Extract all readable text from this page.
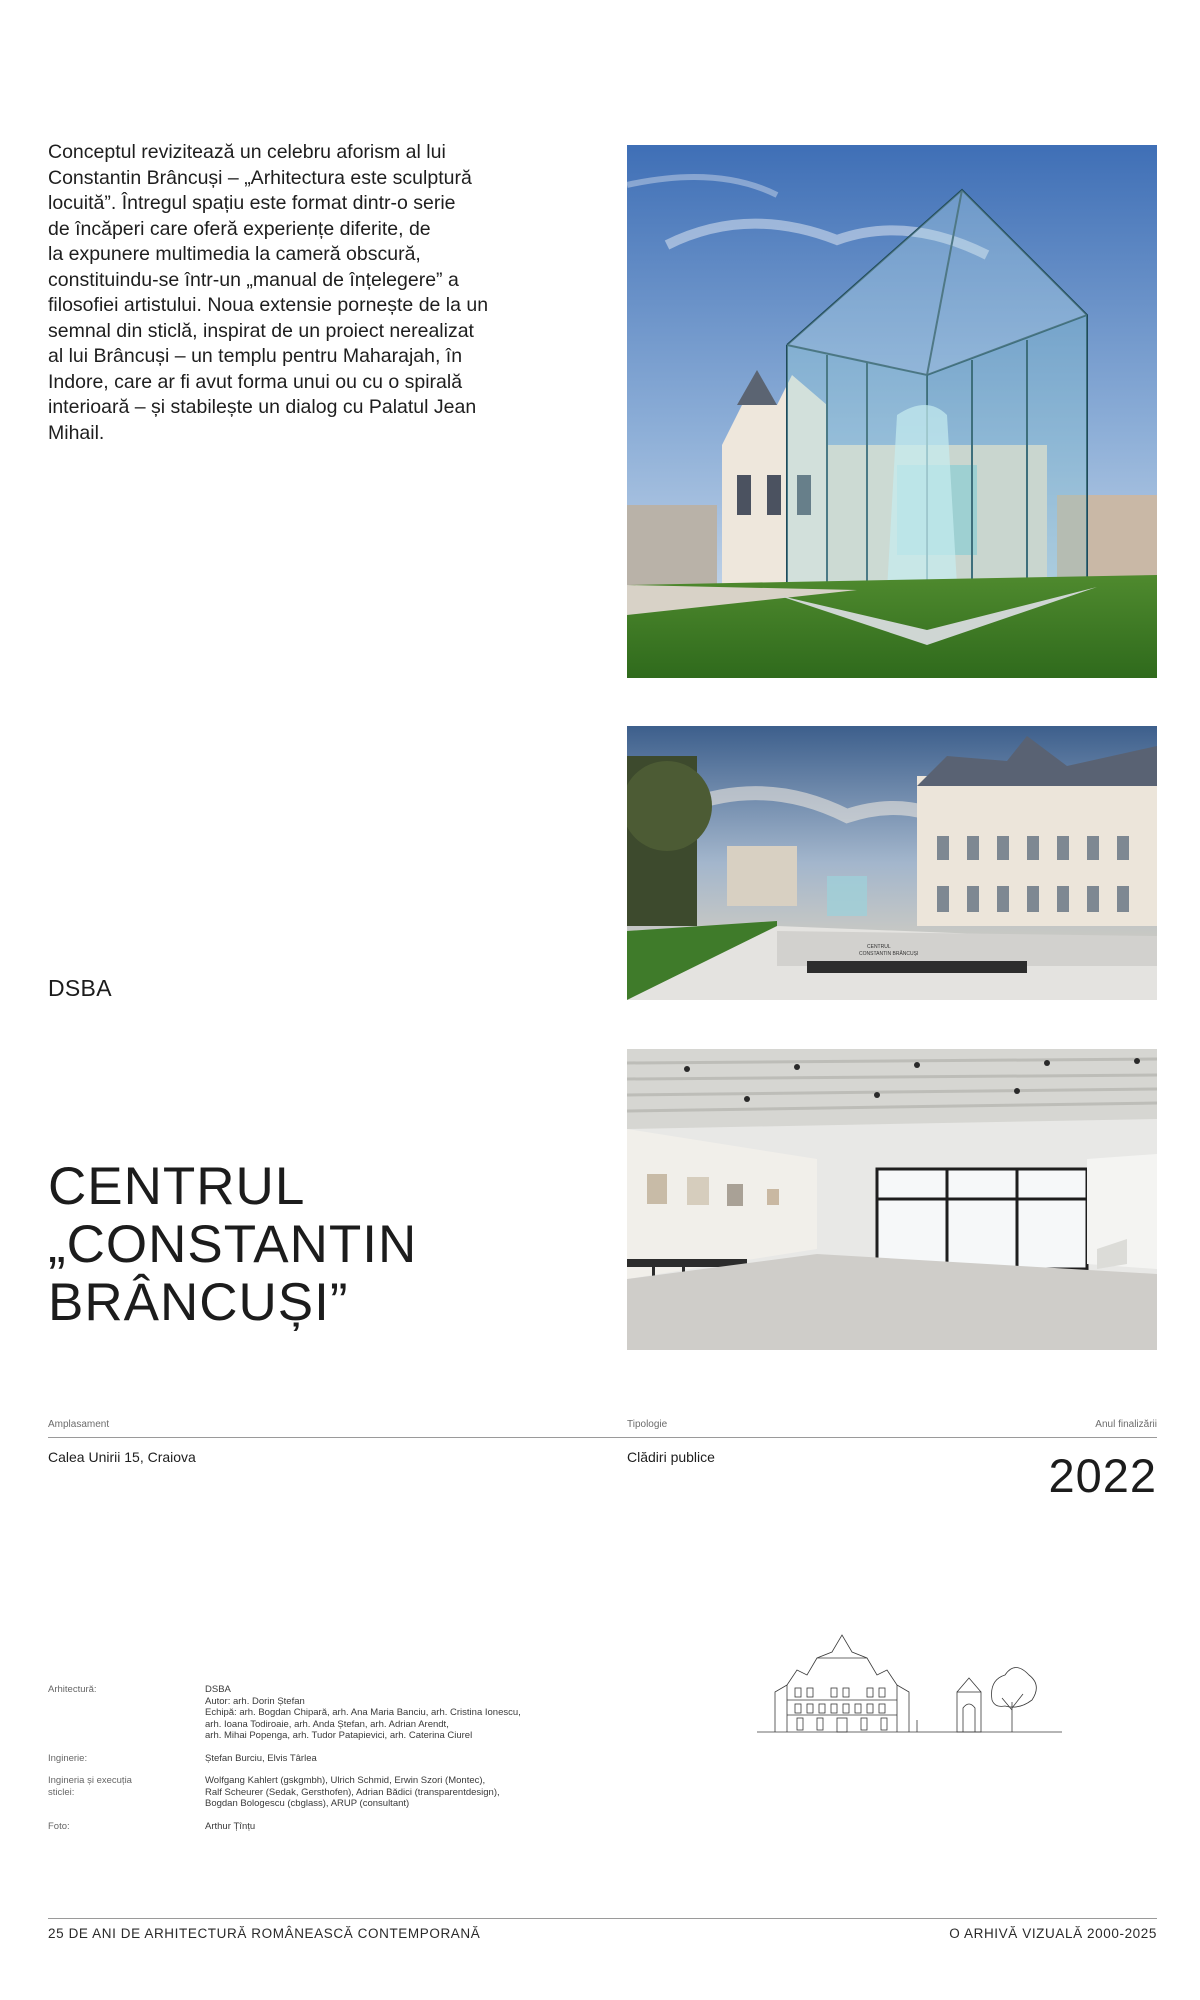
Conceptul revizitează un celebru aforism al lui
Constantin Brâncuși – „Arhitectura este sculptură
locuită”. Întregul spațiu este format dintr-o serie
de încăperi care oferă experiențe diferite, de
la expunere multimedia la cameră obscură,
constituindu-se într-un „manual de înțelegere” a
filosofiei artistului. Noua extensie pornește de la un
semnal din sticlă, inspirat de un proiect nerealizat
al lui Brâncuși – un templu pentru Maharajah, în
Indore, care ar fi avut forma unui ou cu o spirală
interioară – și stabilește un dialog cu Palatul Jean
Mihail.
CENTRUL
CONSTANTIN BRÂNCUȘI
DSBA
CENTRUL
„CONSTANTIN
BRÂNCUȘI”
Amplasament	Tipologie	Anul finalizării
Calea Unirii 15, Craiova	Clădiri publice	2022
Arhitectură:	DSBA
Autor: arh. Dorin Ștefan
Echipă: arh. Bogdan Chipară, arh. Ana Maria Banciu, arh. Cristina Ionescu,
arh. Ioana Todiroaie, arh. Anda Ștefan, arh. Adrian Arendt,
arh. Mihai Popenga, arh. Tudor Patapievici, arh. Caterina Ciurel
Inginerie:	Ștefan Burciu, Elvis Târlea
Ingineria și execuția
sticlei:
Wolfgang Kahlert (gskgmbh), Ulrich Schmid, Erwin Szori (Montec),
Ralf Scheurer (Sedak, Gersthofen), Adrian Bădici (transparentdesign),
Bogdan Bologescu (cbglass), ARUP (consultant)
Foto:	Arthur Țînțu
25 DE ANI DE ARHITECTURĂ ROMÂNEASCĂ CONTEMPORANĂ	O ARHIVĂ VIZUALĂ 2000-2025
